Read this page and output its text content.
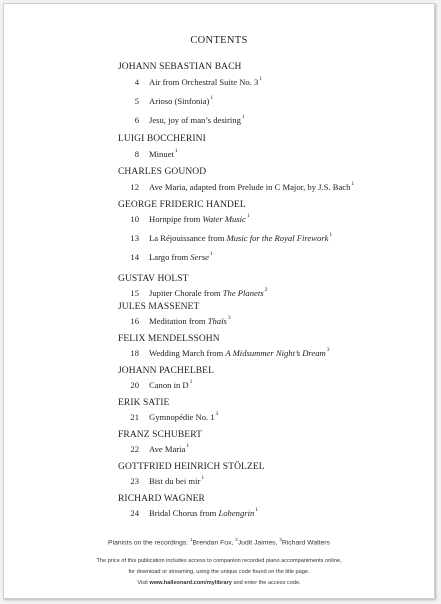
CONTENTS
JOHANN SEBASTIAN BACH
4 Air from Orchestral Suite No. $3^1$
5 Arioso (Sinfonia)$^1$
6 Jesu, joy of man’s desiring$^1$
LUIGI BOCCHERINI
8 Minuet$^1$
CHARLES GOUNOD
12 Ave Maria, adapted from Prelude in C Major, by J.S. Bach$^1$
GEORGE FRIDERIC HANDEL
10 Hornpipe from Water Music$^1$
13 La Réjouissance from Music for the Royal Firework$^1$
14 Largo from Serse$^1$
GUSTAV HOLST
15 Jupiter Chorale from The Planets$^2$
JULES MASSENET
16 Meditation from Thaïs$^3$
FELIX MENDELSSOHN
18 Wedding March from A Midsummer Night’s Dream$^3$
JOHANN PACHELBEL
20 Canon in $D^1$
ERIK SATIE
21 Gymnopédie No. $1^3$
FRANZ SCHUBERT
22 Ave Maria$^1$
GOTTFRIED HEINRICH STÖLZEL
23 Bist du bei mir$^1$
RICHARD WAGNER
24 Bridal Chorus from Lohengrin$^1$
Pianists on the recordings: $^1$Brendan Fox, $^2$Judit Jaimes, $^3$Richard Walters
The price of this publication includes access to companion recorded piano accompaniments online,
for download or streaming, using the unique code found on the title page.
Visit www.halleonard.com/mylibrary and enter the access code.
